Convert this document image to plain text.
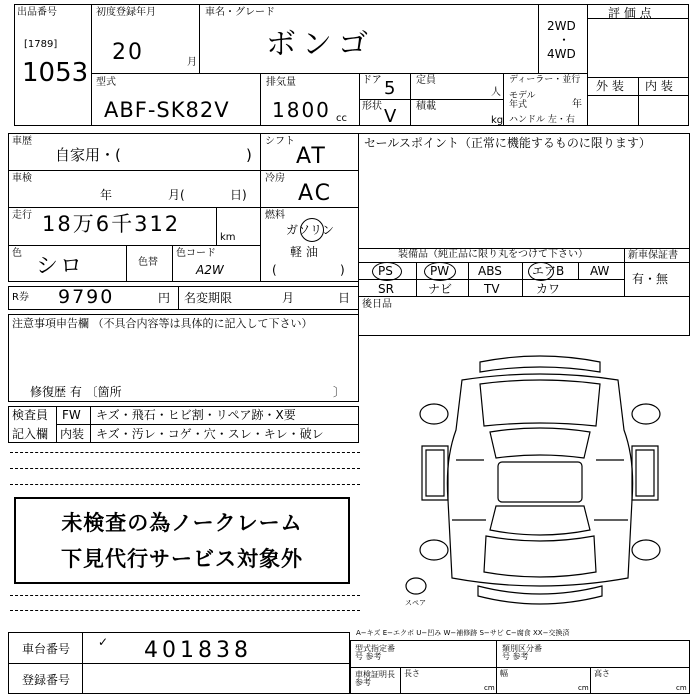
出品番号
[1789]
1053
初度登録年月
20	月
車名・グレード
ボンゴ
2WD
・
4WD
評 価 点
型式
ABF-SK82V
排気量
1800 cc
ドア 5
形状 V
定員
人
積載
kg
ディーラー・並行
モデル 年式	年
ハンドル 左・右
外 装 内 装
車歴
自家用・(	)
シフト
AT
車検
年	月(	日)
冷房
AC
走行 18万6千312
km
燃料
ガソリン
軽 油
(	)
色
シロ	色替
色コード
A2W
セールスポイント（正常に機能するものに限ります）
装備品（純正品に限り丸をつけて下さい）
PS	PW ABS	エアB AW
SR	ナビ	TV	カワ
新車保証書
有・無
R券 9790	円 名変期限	月	日 後日品
注意事項申告欄 （不具合内容等は具体的に記入して下さい）
修復歴 有 〔箇所	〕
検査員
記入欄
FW キズ・飛石・ヒビ割・リペア跡・X要
内装 キズ・汚レ・コゲ・穴・スレ・キレ・破レ
未検査の為ノークレーム
下見代行サービス対象外
スペア
A−キズ E−エクボ U−凹み W−補修跡 S−サビ C−腐食 XX−交換済
車台番号 ✓ 401838
登録番号
型式指定番号 参考
類別区分番号 参考
車検証明長 参考
長さ
cm
幅
cm
高さ
cm
